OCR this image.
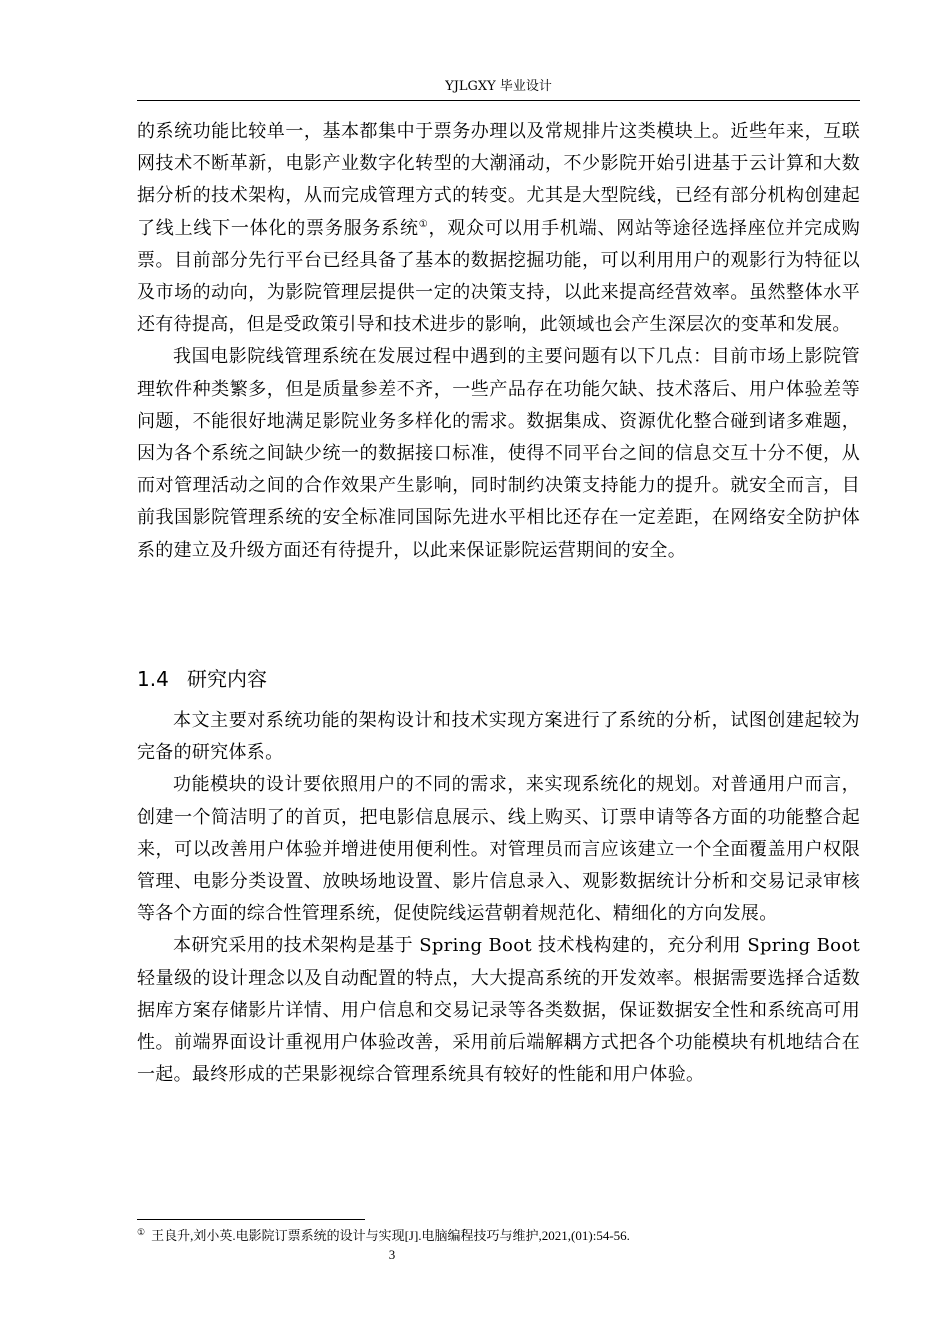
YJLGXY 毕业设计

的系统功能比较单一，基本都集中于票务办理以及常规排片这类模块上。近些年来，互联网技术不断革新，电影产业数字化转型的大潮涌动，不少影院开始引进基于云计算和大数据分析的技术架构，从而完成管理方式的转变。尤其是大型院线，已经有部分机构创建起了线上线下一体化的票务服务系统①，观众可以用手机端、网站等途径选择座位并完成购票。目前部分先行平台已经具备了基本的数据挖掘功能，可以利用用户的观影行为特征以及市场的动向，为影院管理层提供一定的决策支持，以此来提高经营效率。虽然整体水平还有待提高，但是受政策引导和技术进步的影响，此领域也会产生深层次的变革和发展。

我国电影院线管理系统在发展过程中遇到的主要问题有以下几点：目前市场上影院管理软件种类繁多，但是质量参差不齐，一些产品存在功能欠缺、技术落后、用户体验差等问题，不能很好地满足影院业务多样化的需求。数据集成、资源优化整合碰到诸多难题，因为各个系统之间缺少统一的数据接口标准，使得不同平台之间的信息交互十分不便，从而对管理活动之间的合作效果产生影响，同时制约决策支持能力的提升。就安全而言，目前我国影院管理系统的安全标准同国际先进水平相比还存在一定差距，在网络安全防护体系的建立及升级方面还有待提升，以此来保证影院运营期间的安全。

1.4 研究内容

本文主要对系统功能的架构设计和技术实现方案进行了系统的分析，试图创建起较为完备的研究体系。

功能模块的设计要依照用户的不同的需求，来实现系统化的规划。对普通用户而言，创建一个简洁明了的首页，把电影信息展示、线上购买、订票申请等各方面的功能整合起来，可以改善用户体验并增进使用便利性。对管理员而言应该建立一个全面覆盖用户权限管理、电影分类设置、放映场地设置、影片信息录入、观影数据统计分析和交易记录审核等各个方面的综合性管理系统，促使院线运营朝着规范化、精细化的方向发展。

本研究采用的技术架构是基于 Spring Boot 技术栈构建的，充分利用 Spring Boot 轻量级的设计理念以及自动配置的特点，大大提高系统的开发效率。根据需要选择合适数据库方案存储影片详情、用户信息和交易记录等各类数据，保证数据安全性和系统高可用性。前端界面设计重视用户体验改善，采用前后端解耦方式把各个功能模块有机地结合在一起。最终形成的芒果影视综合管理系统具有较好的性能和用户体验。

① 王良升,刘小英.电影院订票系统的设计与实现[J].电脑编程技巧与维护,2021,(01):54-56.
3
